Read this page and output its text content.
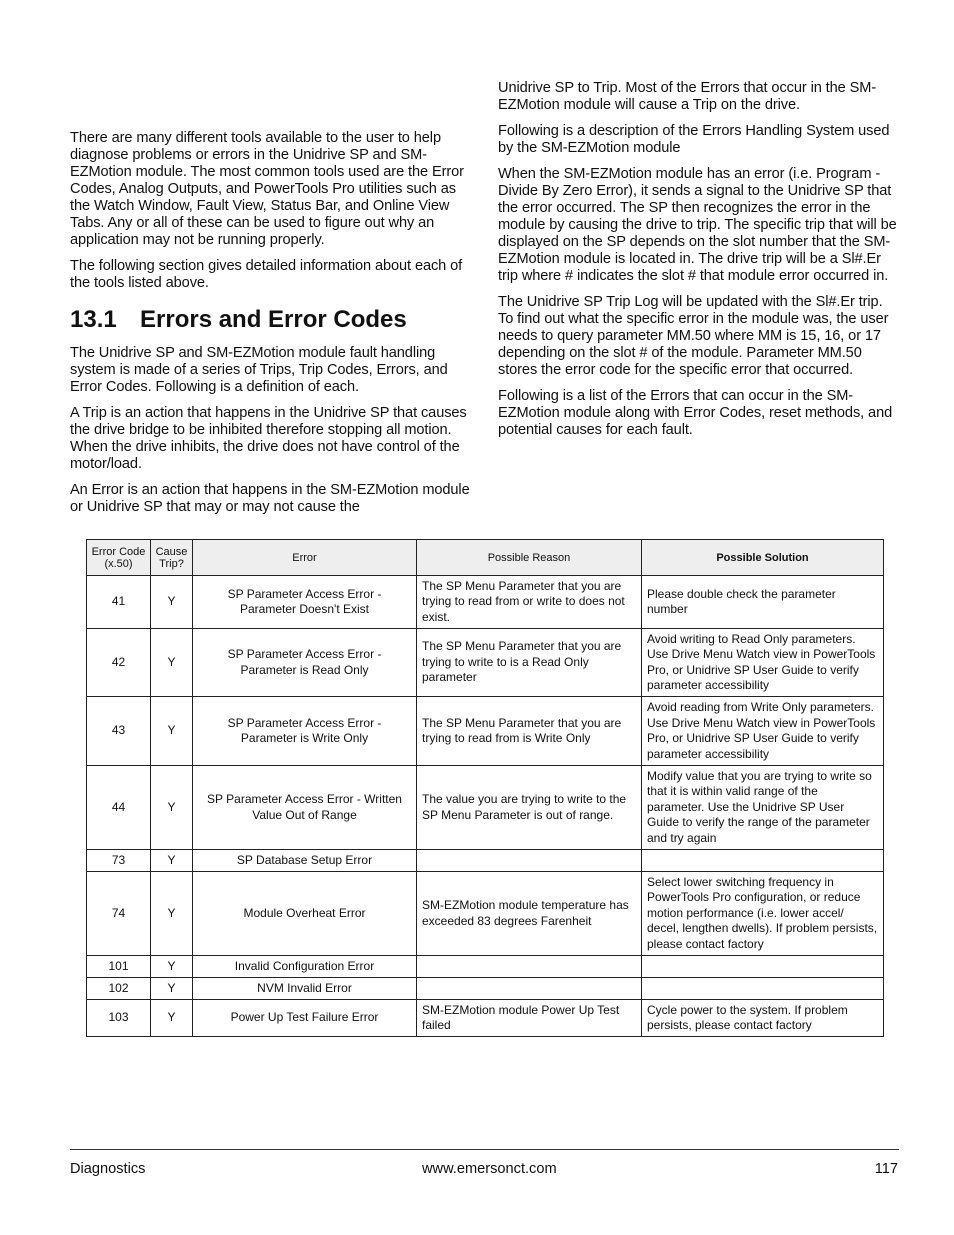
There are many different tools available to the user to help diagnose problems or errors in the Unidrive SP and SM-EZMotion module. The most common tools used are the Error Codes, Analog Outputs, and PowerTools Pro utilities such as the Watch Window, Fault View, Status Bar, and Online View Tabs. Any or all of these can be used to figure out why an application may not be running properly.

The following section gives detailed information about each of the tools listed above.

13.1 Errors and Error Codes

The Unidrive SP and SM-EZMotion module fault handling system is made of a series of Trips, Trip Codes, Errors, and Error Codes. Following is a definition of each.

A Trip is an action that happens in the Unidrive SP that causes the drive bridge to be inhibited therefore stopping all motion. When the drive inhibits, the drive does not have control of the motor/load.

An Error is an action that happens in the SM-EZMotion module or Unidrive SP that may or may not cause the

Unidrive SP to Trip. Most of the Errors that occur in the SM-EZMotion module will cause a Trip on the drive.

Following is a description of the Errors Handling System used by the SM-EZMotion module

When the SM-EZMotion module has an error (i.e. Program - Divide By Zero Error), it sends a signal to the Unidrive SP that the error occurred. The SP then recognizes the error in the module by causing the drive to trip. The specific trip that will be displayed on the SP depends on the slot number that the SM-EZMotion module is located in. The drive trip will be a Sl#.Er trip where # indicates the slot # that module error occurred in.

The Unidrive SP Trip Log will be updated with the Sl#.Er trip. To find out what the specific error in the module was, the user needs to query parameter MM.50 where MM is 15, 16, or 17 depending on the slot # of the module. Parameter MM.50 stores the error code for the specific error that occurred.

Following is a list of the Errors that can occur in the SM-EZMotion module along with Error Codes, reset methods, and potential causes for each fault.

Error Code (x.50)	Cause Trip?	Error	Possible Reason	Possible Solution
41	Y	SP Parameter Access Error - Parameter Doesn't Exist	The SP Menu Parameter that you are trying to read from or write to does not exist.	Please double check the parameter number
42	Y	SP Parameter Access Error - Parameter is Read Only	The SP Menu Parameter that you are trying to write to is a Read Only parameter	Avoid writing to Read Only parameters. Use Drive Menu Watch view in PowerTools Pro, or Unidrive SP User Guide to verify parameter accessibility
43	Y	SP Parameter Access Error - Parameter is Write Only	The SP Menu Parameter that you are trying to read from is Write Only	Avoid reading from Write Only parameters. Use Drive Menu Watch view in PowerTools Pro, or Unidrive SP User Guide to verify parameter accessibility
44	Y	SP Parameter Access Error - Written Value Out of Range	The value you are trying to write to the SP Menu Parameter is out of range.	Modify value that you are trying to write so that it is within valid range of the parameter. Use the Unidrive SP User Guide to verify the range of the parameter and try again
73	Y	SP Database Setup Error		
74	Y	Module Overheat Error	SM-EZMotion module temperature has exceeded 83 degrees Farenheit	Select lower switching frequency in PowerTools Pro configuration, or reduce motion performance (i.e. lower accel/ decel, lengthen dwells). If problem persists, please contact factory
101	Y	Invalid Configuration Error		
102	Y	NVM Invalid Error		
103	Y	Power Up Test Failure Error	SM-EZMotion module Power Up Test failed	Cycle power to the system. If problem persists, please contact factory
Diagnostics	www.emersonct.com	117
